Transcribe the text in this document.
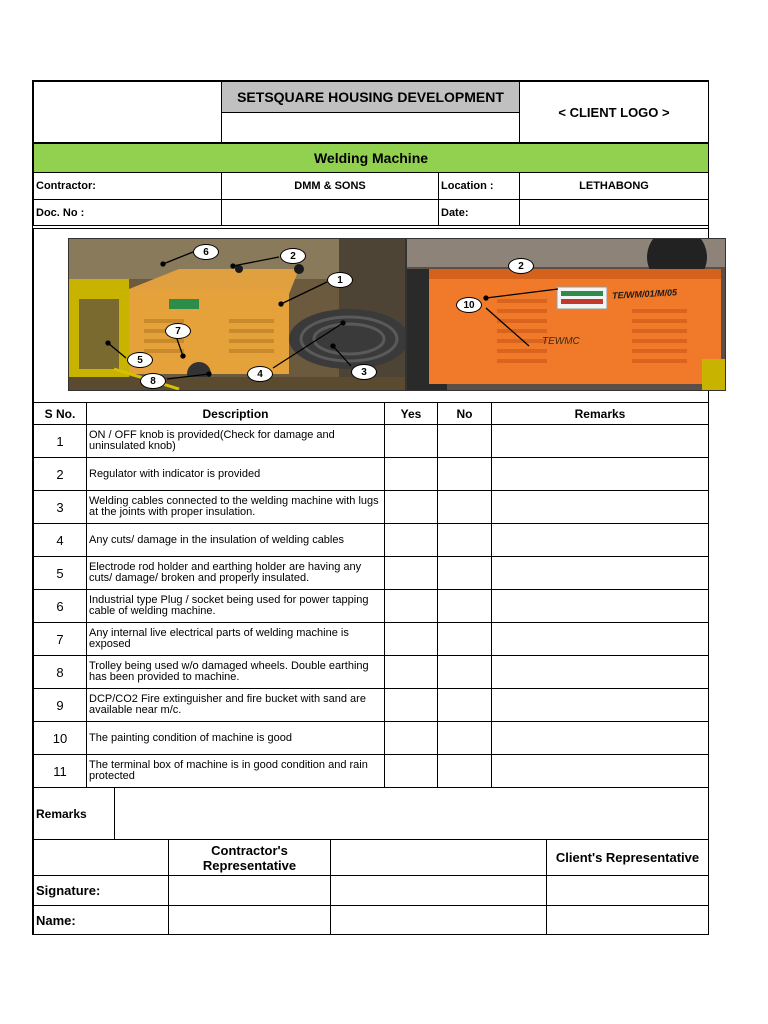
SETSQUARE HOUSING DEVELOPMENT
< CLIENT LOGO >
Welding Machine
Contractor:	DMM & SONS	Location :	LETHABONG
Doc. No :	Date:
TE/WM/01/M/05
TEWMC
6	2
1
7
5
8
4	3
2
10
S No.	Description	Yes	No	Remarks
1	ON / OFF knob is provided(Check for damage and uninsulated knob)
2	Regulator with indicator is provided
3	Welding cables connected to the welding machine with lugs at the joints with proper insulation.
4	Any cuts/ damage in the insulation of welding cables
5	Electrode rod holder and earthing holder are having any cuts/ damage/ broken and properly insulated.
6	Industrial type Plug / socket being used for power tapping cable of welding machine.
7	Any internal live electrical parts of welding machine is exposed
8	Trolley being used w/o damaged wheels. Double earthing has been provided to machine.
9	DCP/CO2 Fire extinguisher and fire bucket with sand are available near m/c.
10	The painting condition of machine is good
11	The terminal box of machine is in good condition and rain protected
Remarks
Contractor's Representative	Client's Representative
Signature:
Name:
